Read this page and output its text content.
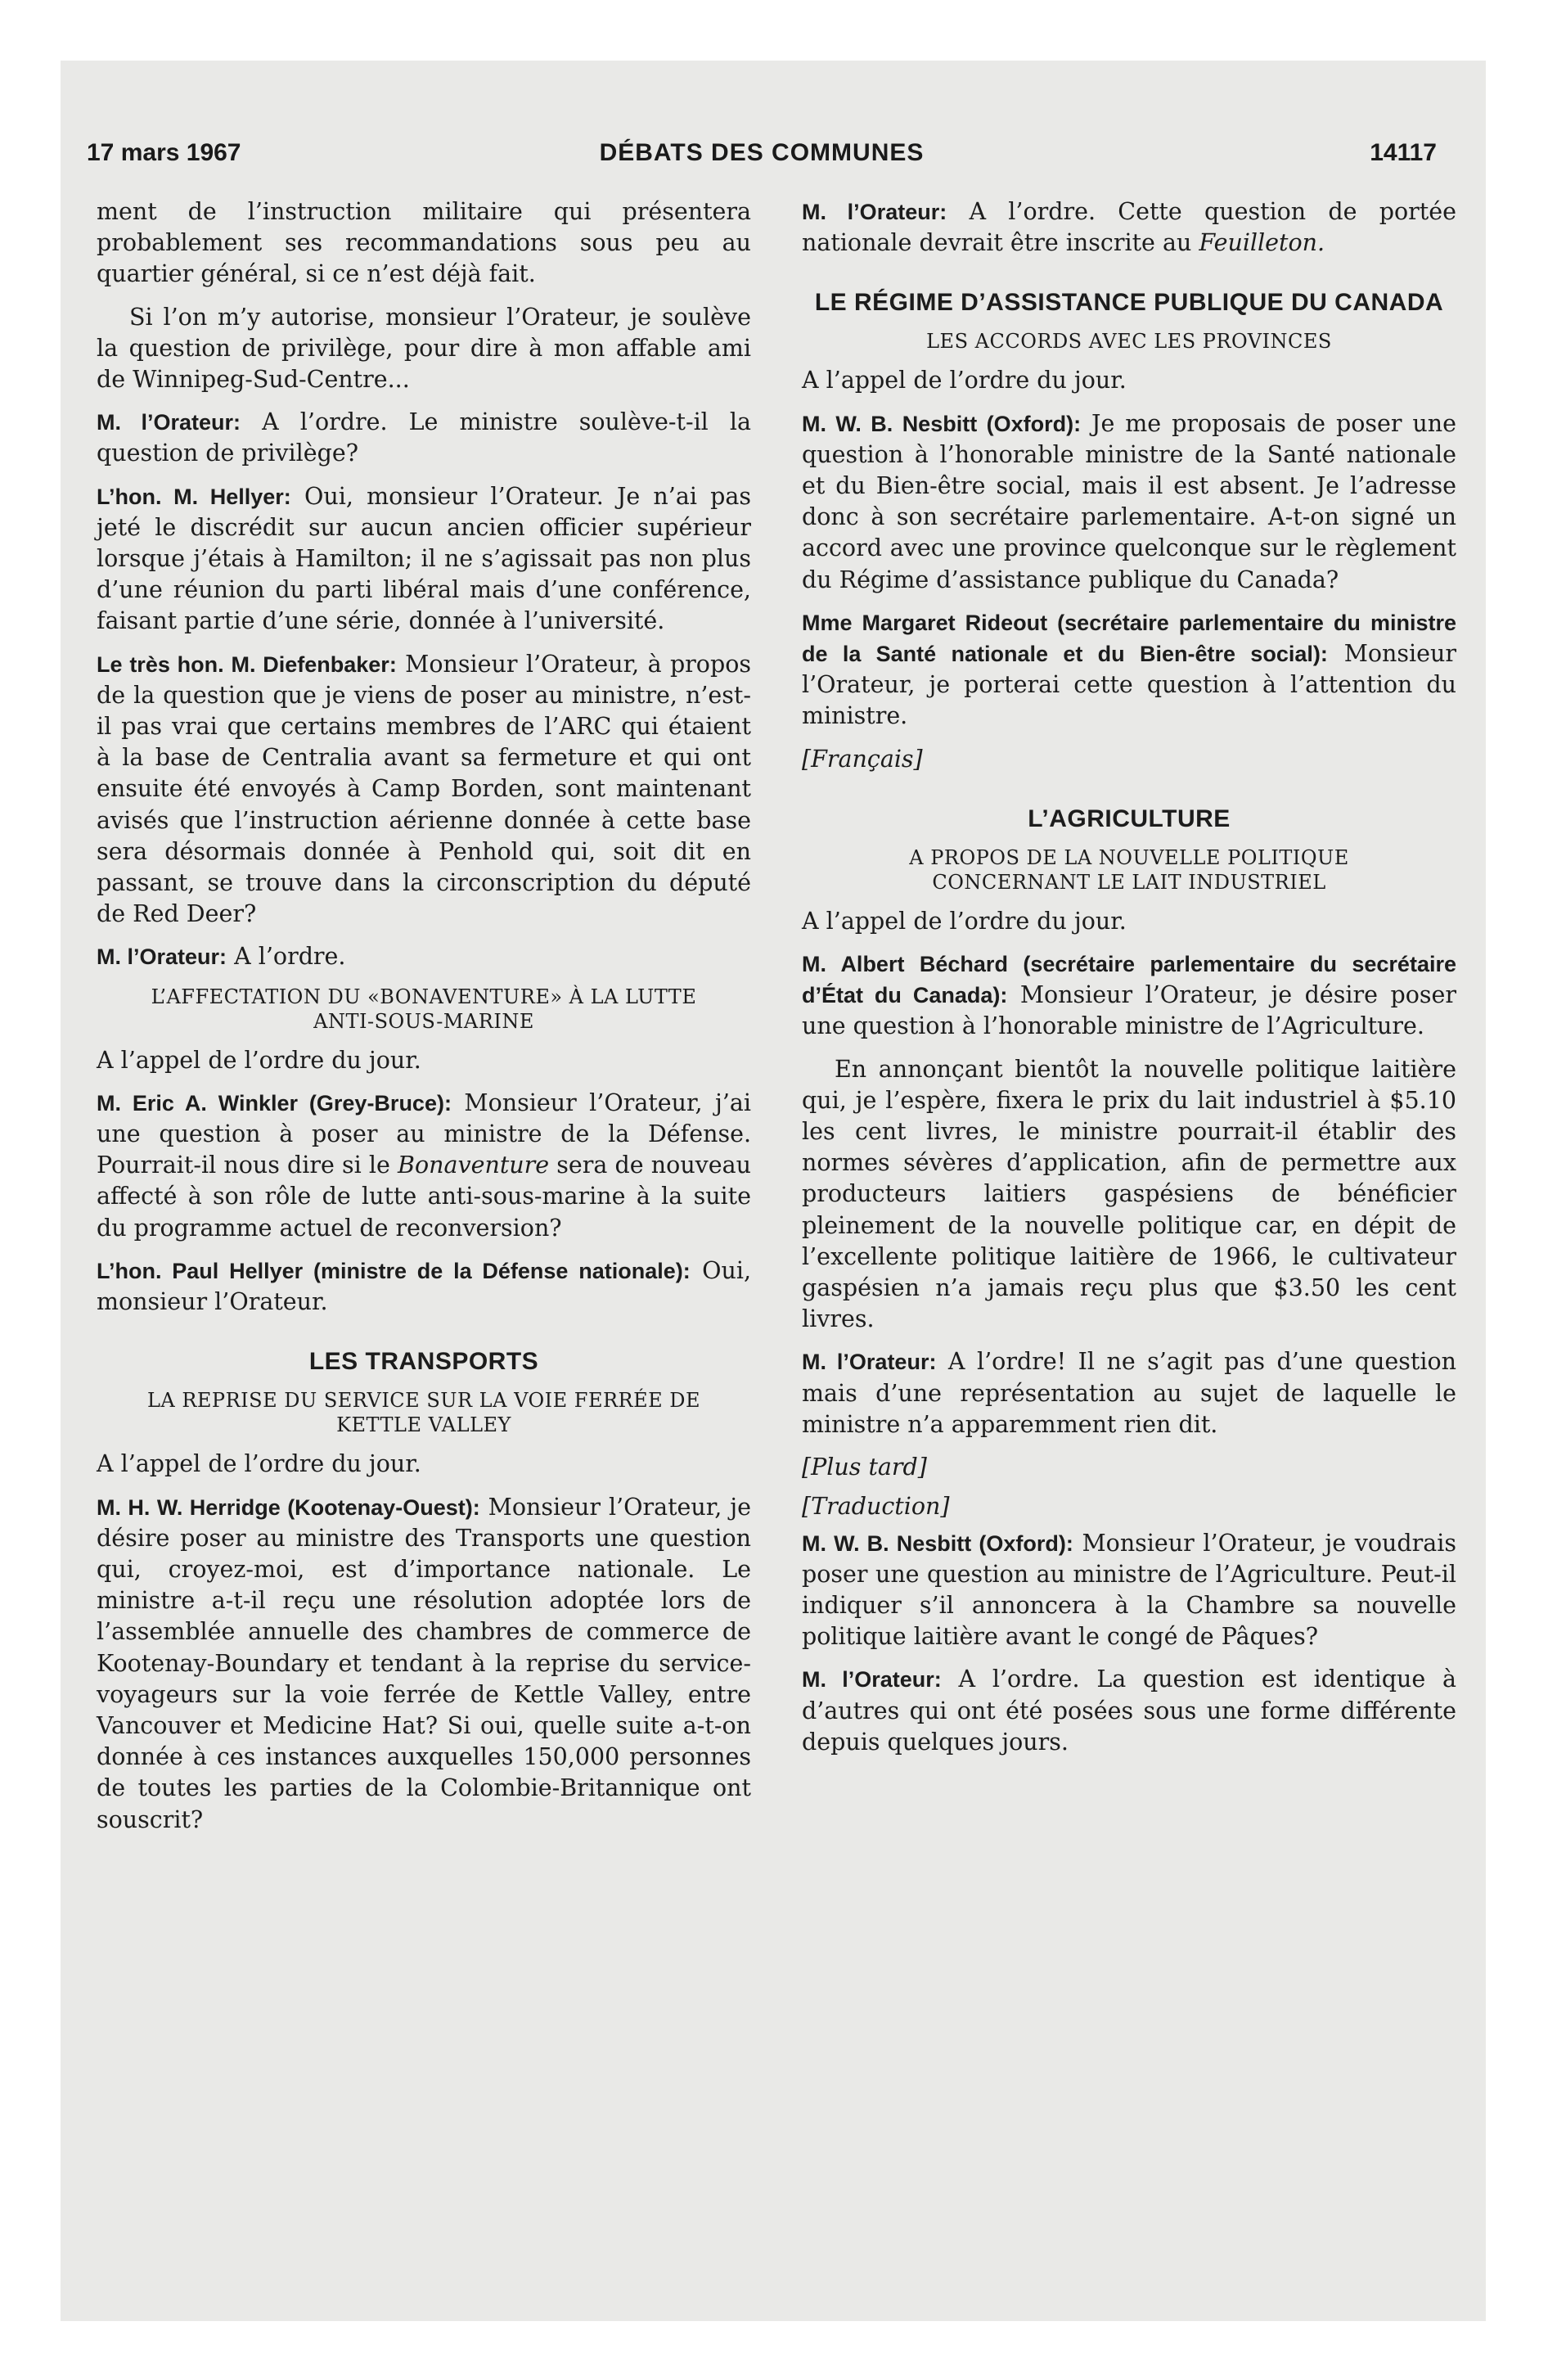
17 mars 1967	DÉBATS DES COMMUNES	14117

ment de l’instruction militaire qui présentera probablement ses recommandations sous peu au quartier général, si ce n’est déjà fait.

Si l’on m’y autorise, monsieur l’Orateur, je soulève la question de privilège, pour dire à mon affable ami de Winnipeg-Sud-Centre...

M. l’Orateur: A l’ordre. Le ministre soulève-t-il la question de privilège?

L’hon. M. Hellyer: Oui, monsieur l’Orateur. Je n’ai pas jeté le discrédit sur aucun ancien officier supérieur lorsque j’étais à Hamilton; il ne s’agissait pas non plus d’une réunion du parti libéral mais d’une conférence, faisant partie d’une série, donnée à l’université.

Le très hon. M. Diefenbaker: Monsieur l’Orateur, à propos de la question que je viens de poser au ministre, n’est-il pas vrai que certains membres de l’ARC qui étaient à la base de Centralia avant sa fermeture et qui ont ensuite été envoyés à Camp Borden, sont maintenant avisés que l’instruction aérienne donnée à cette base sera désormais donnée à Penhold qui, soit dit en passant, se trouve dans la circonscription du député de Red Deer?

M. l’Orateur: A l’ordre.

L’AFFECTATION DU «BONAVENTURE» À LA LUTTE ANTI-SOUS-MARINE

A l’appel de l’ordre du jour.

M. Eric A. Winkler (Grey-Bruce): Monsieur l’Orateur, j’ai une question à poser au ministre de la Défense. Pourrait-il nous dire si le Bonaventure sera de nouveau affecté à son rôle de lutte anti-sous-marine à la suite du programme actuel de reconversion?

L’hon. Paul Hellyer (ministre de la Défense nationale): Oui, monsieur l’Orateur.

LES TRANSPORTS
LA REPRISE DU SERVICE SUR LA VOIE FERRÉE DE KETTLE VALLEY

A l’appel de l’ordre du jour.

M. H. W. Herridge (Kootenay-Ouest): Monsieur l’Orateur, je désire poser au ministre des Transports une question qui, croyez-moi, est d’importance nationale. Le ministre a-t-il reçu une résolution adoptée lors de l’assemblée annuelle des chambres de commerce de Kootenay-Boundary et tendant à la reprise du service-voyageurs sur la voie ferrée de Kettle Valley, entre Vancouver et Medicine Hat? Si oui, quelle suite a-t-on donnée à ces instances auxquelles 150,000 personnes de toutes les parties de la Colombie-Britannique ont souscrit?

M. l’Orateur: A l’ordre. Cette question de portée nationale devrait être inscrite au Feuilleton.

LE RÉGIME D’ASSISTANCE PUBLIQUE DU CANADA
LES ACCORDS AVEC LES PROVINCES

A l’appel de l’ordre du jour.

M. W. B. Nesbitt (Oxford): Je me proposais de poser une question à l’honorable ministre de la Santé nationale et du Bien-être social, mais il est absent. Je l’adresse donc à son secrétaire parlementaire. A-t-on signé un accord avec une province quelconque sur le règlement du Régime d’assistance publique du Canada?

Mme Margaret Rideout (secrétaire parlementaire du ministre de la Santé nationale et du Bien-être social): Monsieur l’Orateur, je porterai cette question à l’attention du ministre.

[Français]

L’AGRICULTURE
A PROPOS DE LA NOUVELLE POLITIQUE CONCERNANT LE LAIT INDUSTRIEL

A l’appel de l’ordre du jour.

M. Albert Béchard (secrétaire parlementaire du secrétaire d’État du Canada): Monsieur l’Orateur, je désire poser une question à l’honorable ministre de l’Agriculture.

En annonçant bientôt la nouvelle politique laitière qui, je l’espère, fixera le prix du lait industriel à $5.10 les cent livres, le ministre pourrait-il établir des normes sévères d’application, afin de permettre aux producteurs laitiers gaspésiens de bénéficier pleinement de la nouvelle politique car, en dépit de l’excellente politique laitière de 1966, le cultivateur gaspésien n’a jamais reçu plus que $3.50 les cent livres.

M. l’Orateur: A l’ordre! Il ne s’agit pas d’une question mais d’une représentation au sujet de laquelle le ministre n’a apparemment rien dit.

[Plus tard]

[Traduction]

M. W. B. Nesbitt (Oxford): Monsieur l’Orateur, je voudrais poser une question au ministre de l’Agriculture. Peut-il indiquer s’il annoncera à la Chambre sa nouvelle politique laitière avant le congé de Pâques?

M. l’Orateur: A l’ordre. La question est identique à d’autres qui ont été posées sous une forme différente depuis quelques jours.
